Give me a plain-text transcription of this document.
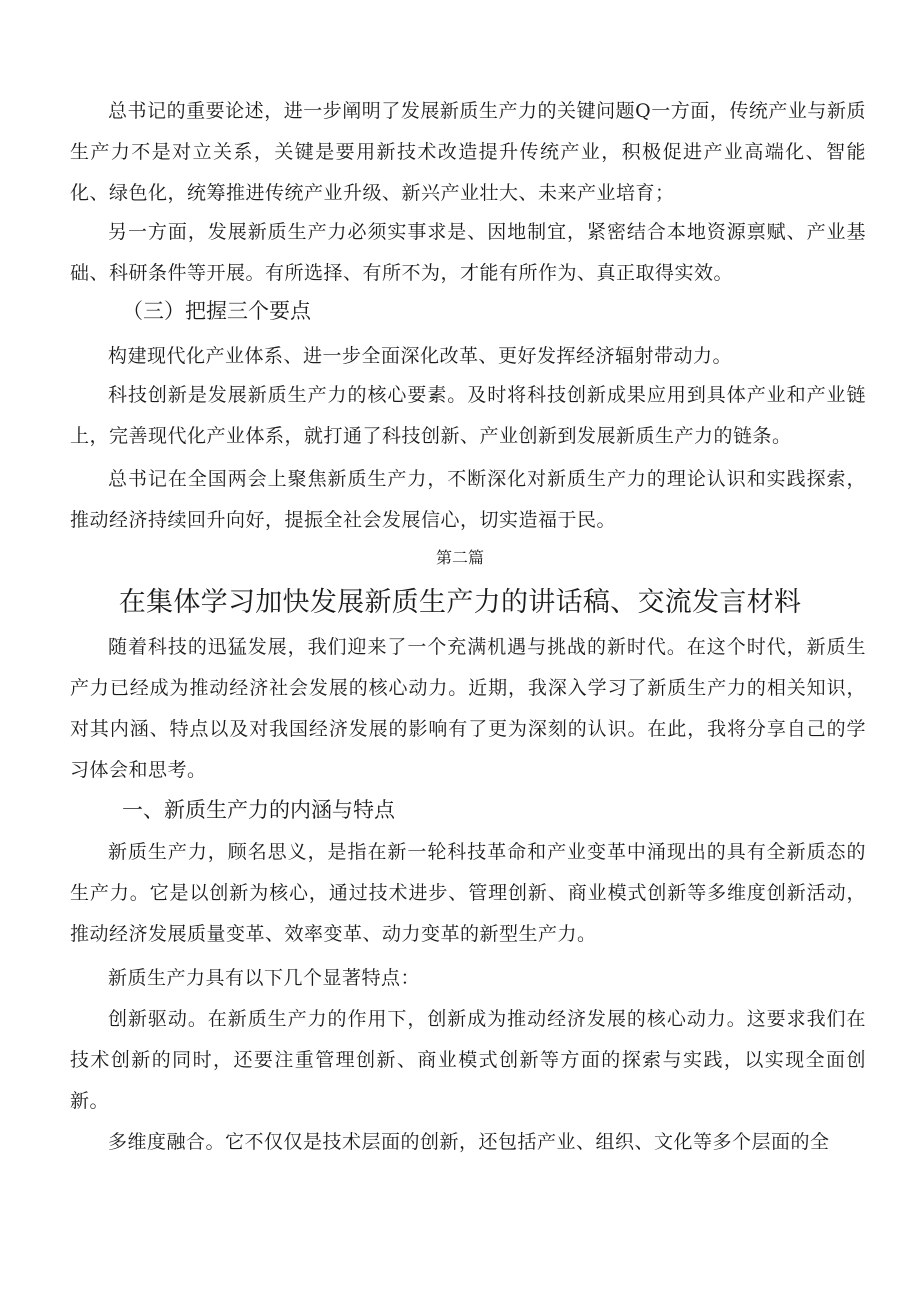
总书记的重要论述，进一步阐明了发展新质生产力的关键问题Q一方面，传统产业与新质生产力不是对立关系，关键是要用新技术改造提升传统产业，积极促进产业高端化、智能化、绿色化，统筹推进传统产业升级、新兴产业壮大、未来产业培育；
另一方面，发展新质生产力必须实事求是、因地制宜，紧密结合本地资源禀赋、产业基础、科研条件等开展。有所选择、有所不为，才能有所作为、真正取得实效。
（三）把握三个要点
构建现代化产业体系、进一步全面深化改革、更好发挥经济辐射带动力。
科技创新是发展新质生产力的核心要素。及时将科技创新成果应用到具体产业和产业链上，完善现代化产业体系，就打通了科技创新、产业创新到发展新质生产力的链条。
总书记在全国两会上聚焦新质生产力，不断深化对新质生产力的理论认识和实践探索，推动经济持续回升向好，提振全社会发展信心，切实造福于民。
第二篇
在集体学习加快发展新质生产力的讲话稿、交流发言材料
随着科技的迅猛发展，我们迎来了一个充满机遇与挑战的新时代。在这个时代，新质生产力已经成为推动经济社会发展的核心动力。近期，我深入学习了新质生产力的相关知识，对其内涵、特点以及对我国经济发展的影响有了更为深刻的认识。在此，我将分享自己的学习体会和思考。
一、新质生产力的内涵与特点
新质生产力，顾名思义，是指在新一轮科技革命和产业变革中涌现出的具有全新质态的生产力。它是以创新为核心，通过技术进步、管理创新、商业模式创新等多维度创新活动，推动经济发展质量变革、效率变革、动力变革的新型生产力。
新质生产力具有以下几个显著特点：
创新驱动。在新质生产力的作用下，创新成为推动经济发展的核心动力。这要求我们在技术创新的同时，还要注重管理创新、商业模式创新等方面的探索与实践，以实现全面创新。
多维度融合。它不仅仅是技术层面的创新，还包括产业、组织、文化等多个层面的全
